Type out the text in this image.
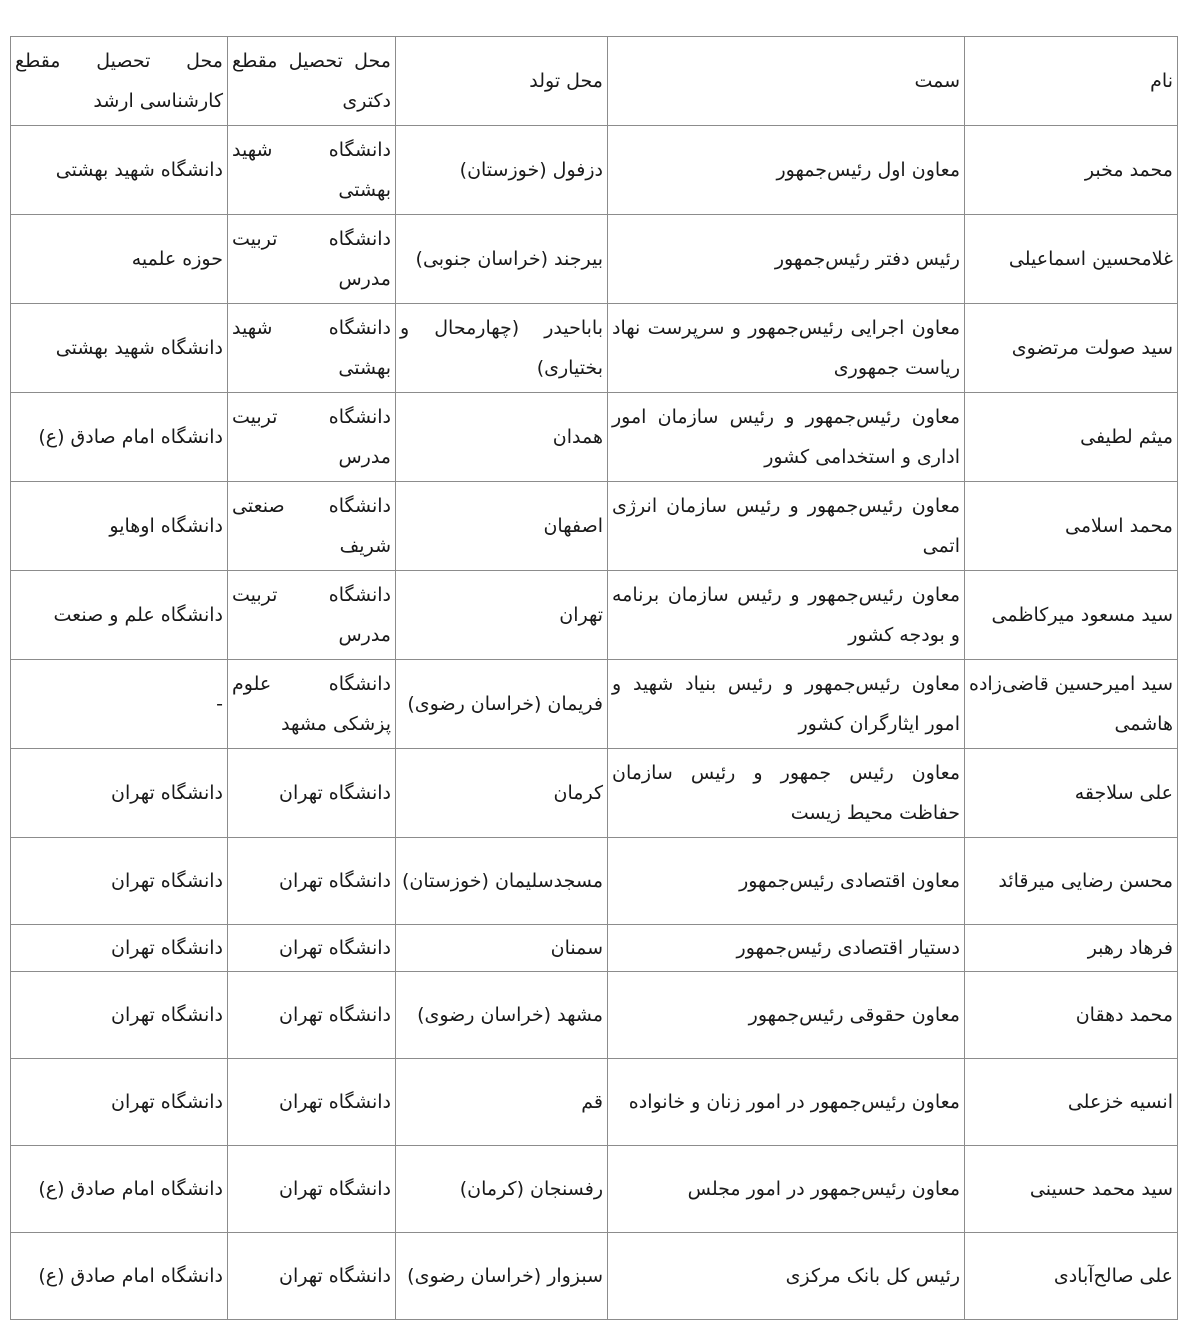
نام	سمت	محل تولد	محل تحصیل مقطع دکتری	محل تحصیل مقطع کارشناسی ارشد
محمد مخبر	معاون اول رئیس‌جمهور	دزفول (خوزستان)	دانشگاه شهید بهشتی	دانشگاه شهید بهشتی
غلامحسین اسماعیلی	رئیس دفتر رئیس‌جمهور	بیرجند (خراسان جنوبی)	دانشگاه تربیت مدرس	حوزه علمیه
سید صولت مرتضوی	معاون اجرایی رئیس‌جمهور و سرپرست نهاد ریاست جمهوری	باباحیدر (چهارمحال و بختیاری)	دانشگاه شهید بهشتی	دانشگاه شهید بهشتی
میثم لطیفی	معاون رئیس‌جمهور و رئیس سازمان امور اداری و استخدامی کشور	همدان	دانشگاه تربیت مدرس	دانشگاه امام صادق (ع)
محمد اسلامی	معاون رئیس‌جمهور و رئیس سازمان انرژی اتمی	اصفهان	دانشگاه صنعتی شریف	دانشگاه اوهایو
سید مسعود میرکاظمی	معاون رئیس‌جمهور و رئیس سازمان برنامه و بودجه کشور	تهران	دانشگاه تربیت مدرس	دانشگاه علم و صنعت
سید امیرحسین قاضی‌زاده هاشمی	معاون رئیس‌جمهور و رئیس بنیاد شهید و امور ایثارگران کشور	فریمان (خراسان رضوی)	دانشگاه علوم پزشکی مشهد	-
علی سلاجقه	معاون رئیس جمهور و رئیس سازمان حفاظت محیط زیست	کرمان	دانشگاه تهران	دانشگاه تهران
محسن رضایی میرقائد	معاون اقتصادی رئیس‌جمهور	مسجدسلیمان (خوزستان)	دانشگاه تهران	دانشگاه تهران
فرهاد رهبر	دستیار اقتصادی رئیس‌جمهور	سمنان	دانشگاه تهران	دانشگاه تهران
محمد دهقان	معاون حقوقی رئیس‌جمهور	مشهد (خراسان رضوی)	دانشگاه تهران	دانشگاه تهران
انسیه خزعلی	معاون رئیس‌جمهور در امور زنان و خانواده	قم	دانشگاه تهران	دانشگاه تهران
سید محمد حسینی	معاون رئیس‌جمهور در امور مجلس	رفسنجان (کرمان)	دانشگاه تهران	دانشگاه امام صادق (ع)
علی صالح‌آبادی	رئیس کل بانک مرکزی	سبزوار (خراسان رضوی)	دانشگاه تهران	دانشگاه امام صادق (ع)
